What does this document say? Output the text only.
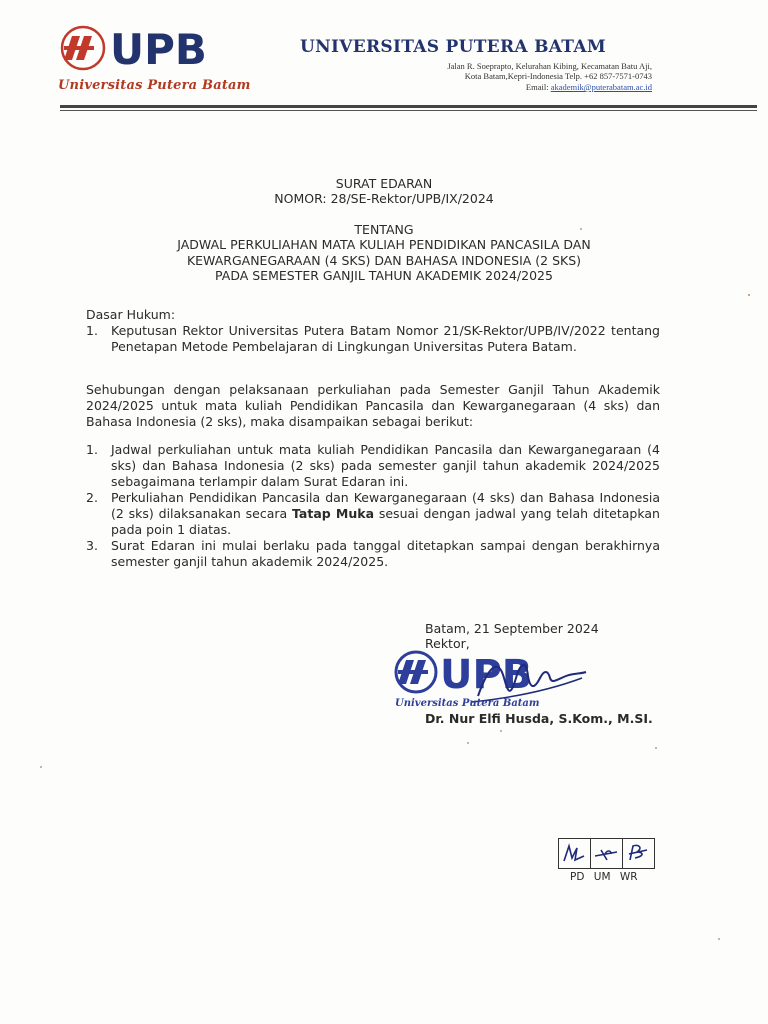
UPB
Universitas Putera Batam
UNIVERSITAS PUTERA BATAM
Jalan R. Soeprapto, Kelurahan Kibing, Kecamatan Batu Aji,
Kota Batam,Kepri-Indonesia Telp. +62 857-7571-0743
Email: akademik@puterabatam.ac.id
SURAT EDARAN
NOMOR: 28/SE-Rektor/UPB/IX/2024
TENTANG
JADWAL PERKULIAHAN MATA KULIAH PENDIDIKAN PANCASILA DAN
KEWARGANEGARAAN (4 SKS) DAN BAHASA INDONESIA (2 SKS)
PADA SEMESTER GANJIL TAHUN AKADEMIK 2024/2025
Dasar Hukum:
1. Keputusan Rektor Universitas Putera Batam Nomor 21/SK-Rektor/UPB/IV/2022 tentang Penetapan Metode Pembelajaran di Lingkungan Universitas Putera Batam.
Sehubungan dengan pelaksanaan perkuliahan pada Semester Ganjil Tahun Akademik 2024/2025 untuk mata kuliah Pendidikan Pancasila dan Kewarganegaraan (4 sks) dan Bahasa Indonesia (2 sks), maka disampaikan sebagai berikut:
1. Jadwal perkuliahan untuk mata kuliah Pendidikan Pancasila dan Kewarganegaraan (4 sks) dan Bahasa Indonesia (2 sks) pada semester ganjil tahun akademik 2024/2025 sebagaimana terlampir dalam Surat Edaran ini.
2. Perkuliahan Pendidikan Pancasila dan Kewarganegaraan (4 sks) dan Bahasa Indonesia (2 sks) dilaksanakan secara Tatap Muka sesuai dengan jadwal yang telah ditetapkan pada poin 1 diatas.
3. Surat Edaran ini mulai berlaku pada tanggal ditetapkan sampai dengan berakhirnya semester ganjil tahun akademik 2024/2025.
Batam, 21 September 2024
Rektor,
UPB
Universitas Putera Batam
Dr. Nur Elfi Husda, S.Kom., M.SI.
PD UM WR
